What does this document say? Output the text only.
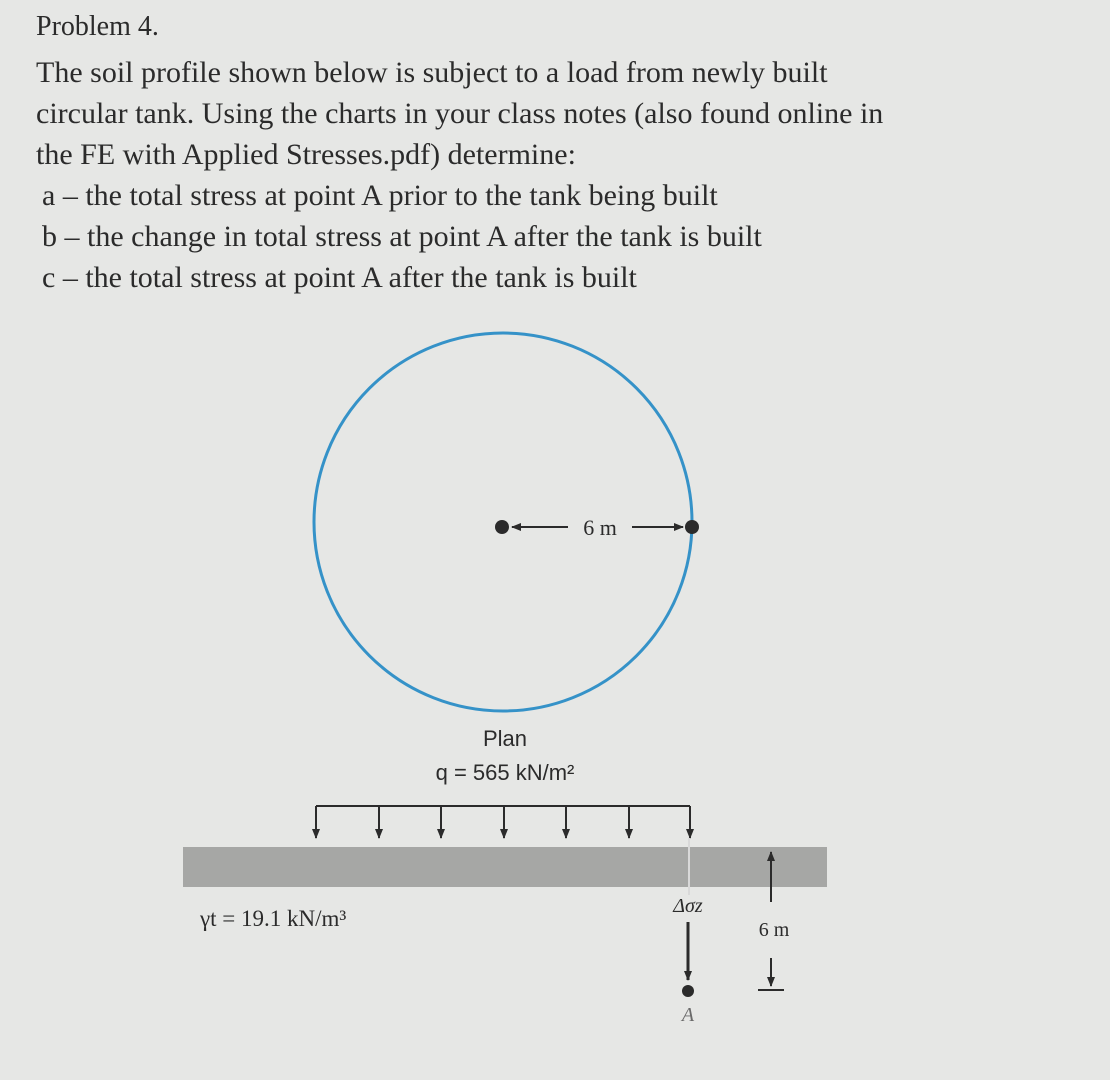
Problem 4.

The soil profile shown below is subject to a load from newly built

circular tank. Using the charts in your class notes (also found online in

the FE with Applied Stresses.pdf) determine:

a – the total stress at point A prior to the tank being built

b – the change in total stress at point A after the tank is built

c – the total stress at point A after the tank is built

6 m
Plan
q = 565 kN/m²
γt = 19.1 kN/m³	Δσz
A
6 m
